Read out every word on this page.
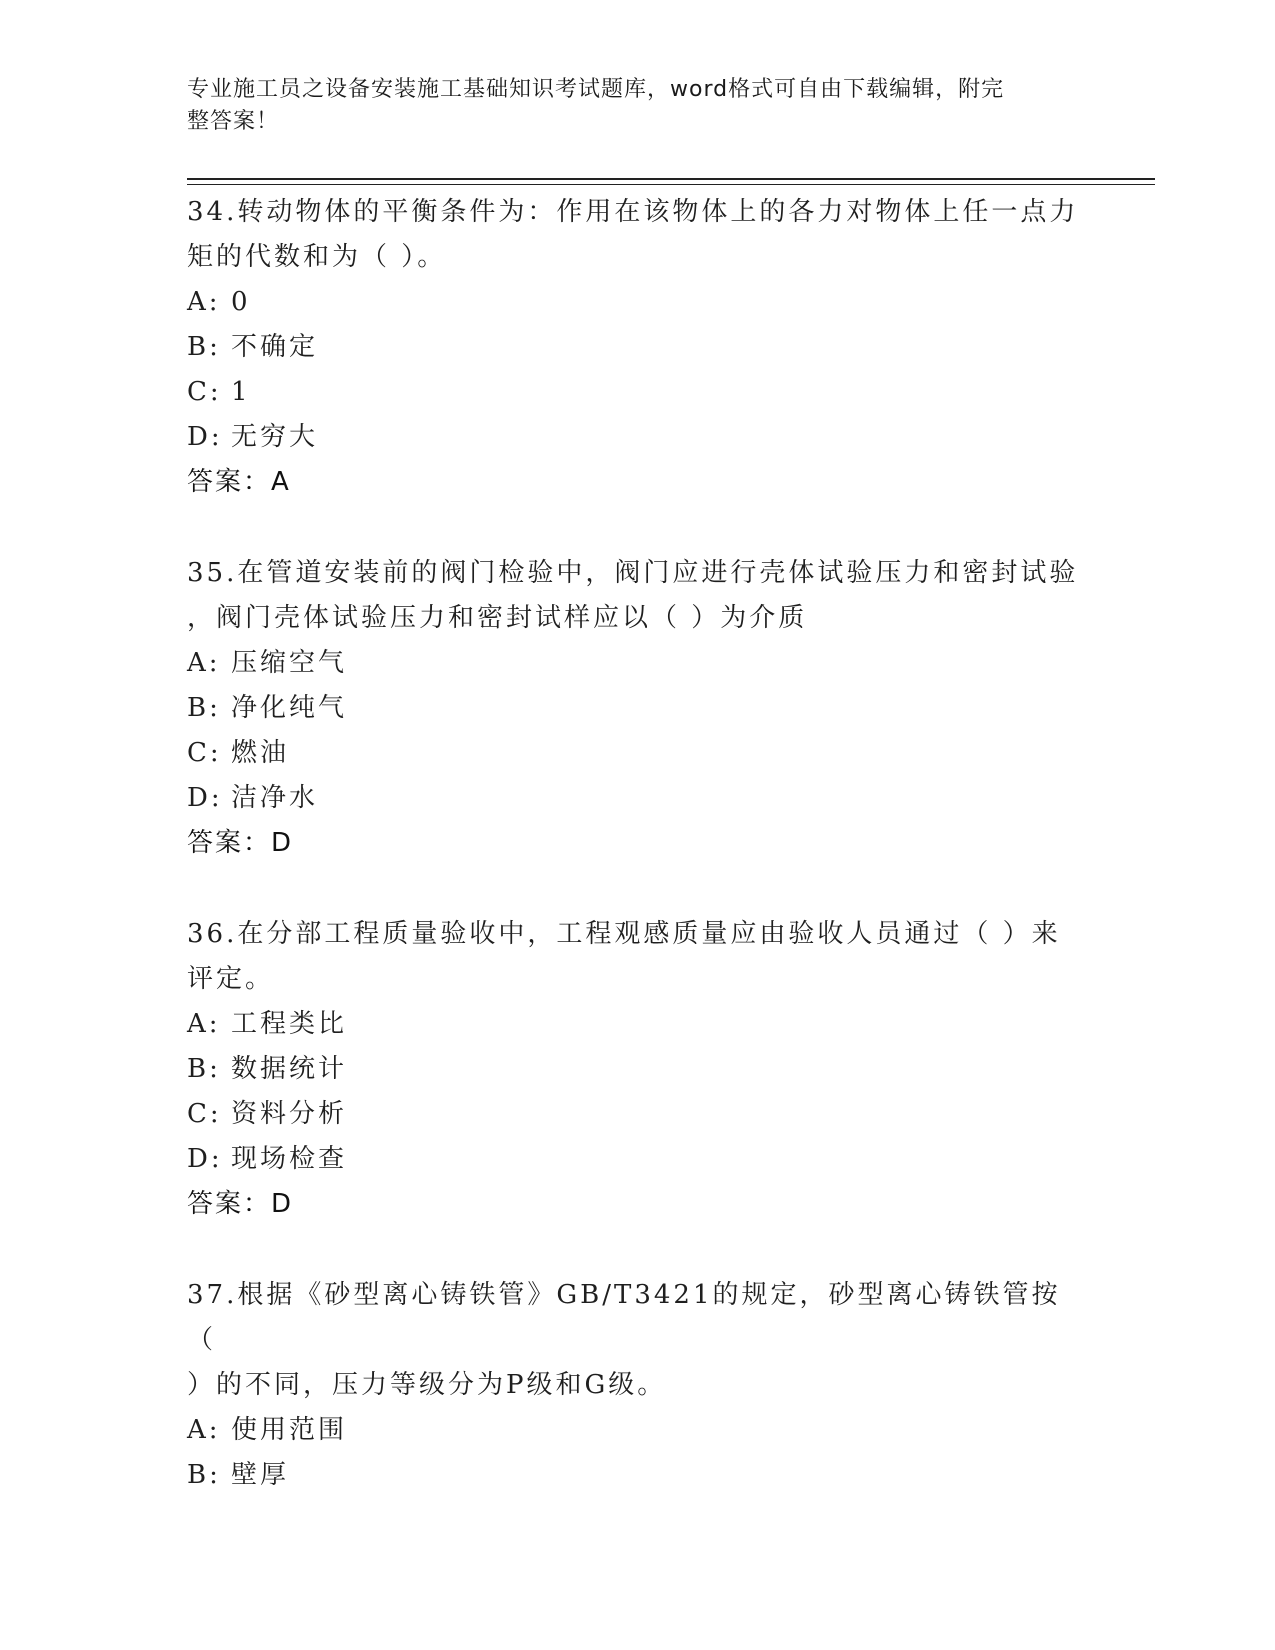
专业施工员之设备安装施工基础知识考试题库，word格式可自由下载编辑，附完
整答案！
34.转动物体的平衡条件为：作用在该物体上的各力对物体上任一点力
矩的代数和为（ ）。
A: 0
B: 不确定
C: 1
D: 无穷大
答案：A
35.在管道安装前的阀门检验中，阀门应进行壳体试验压力和密封试验
，阀门壳体试验压力和密封试样应以（ ）为介质
A: 压缩空气
B: 净化纯气
C: 燃油
D: 洁净水
答案：D
36.在分部工程质量验收中，工程观感质量应由验收人员通过（ ）来
评定。
A: 工程类比
B: 数据统计
C: 资料分析
D: 现场检查
答案：D
37.根据《砂型离心铸铁管》GB/T3421的规定，砂型离心铸铁管按（
）的不同，压力等级分为P级和G级。
A: 使用范围
B: 壁厚
